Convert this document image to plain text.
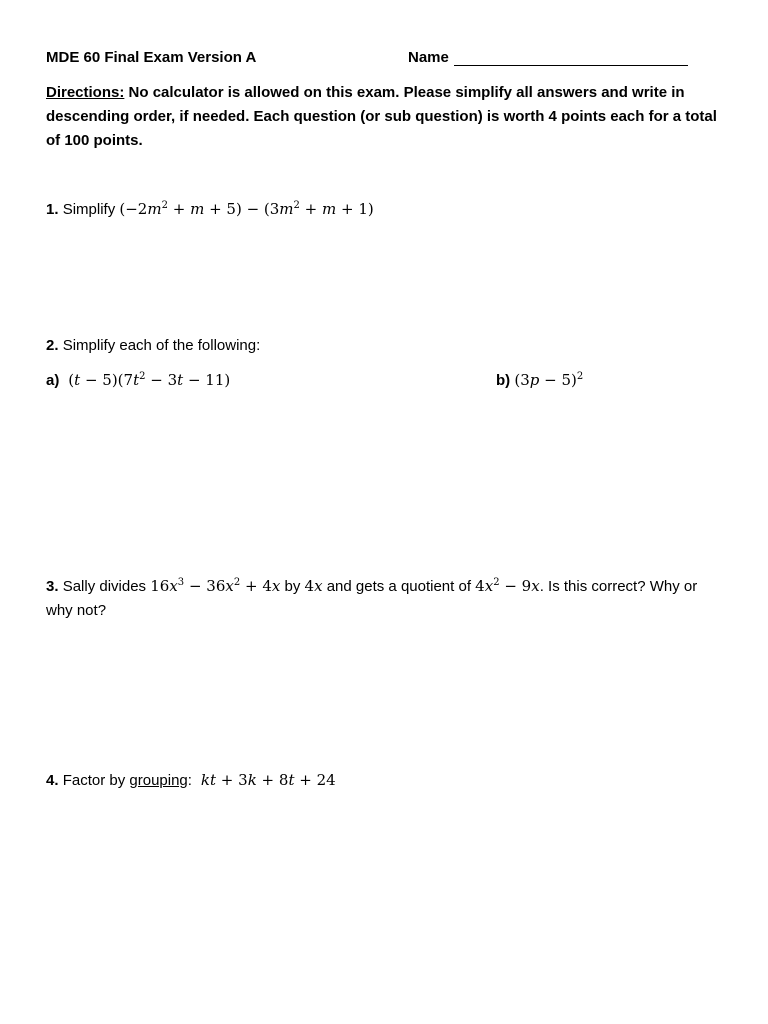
MDE 60 Final Exam Version A	Name
Directions: No calculator is allowed on this exam. Please simplify all answers and write in descending order, if needed. Each question (or sub question) is worth 4 points each for a total of 100 points.
1. Simplify $(-2m^2 + m + 5) - (3m^2 + m + 1)$
2. Simplify each of the following:
a)  $(t - 5)(7t^2 - 3t - 11)$	b) $(3p - 5)^2$
3. Sally divides $16x^3 - 36x^2 + 4x$ by 4x and gets a quotient of $4x^2 - 9x$. Is this correct? Why or why not?
4. Factor by grouping: kt + 3k + 8t + 24
